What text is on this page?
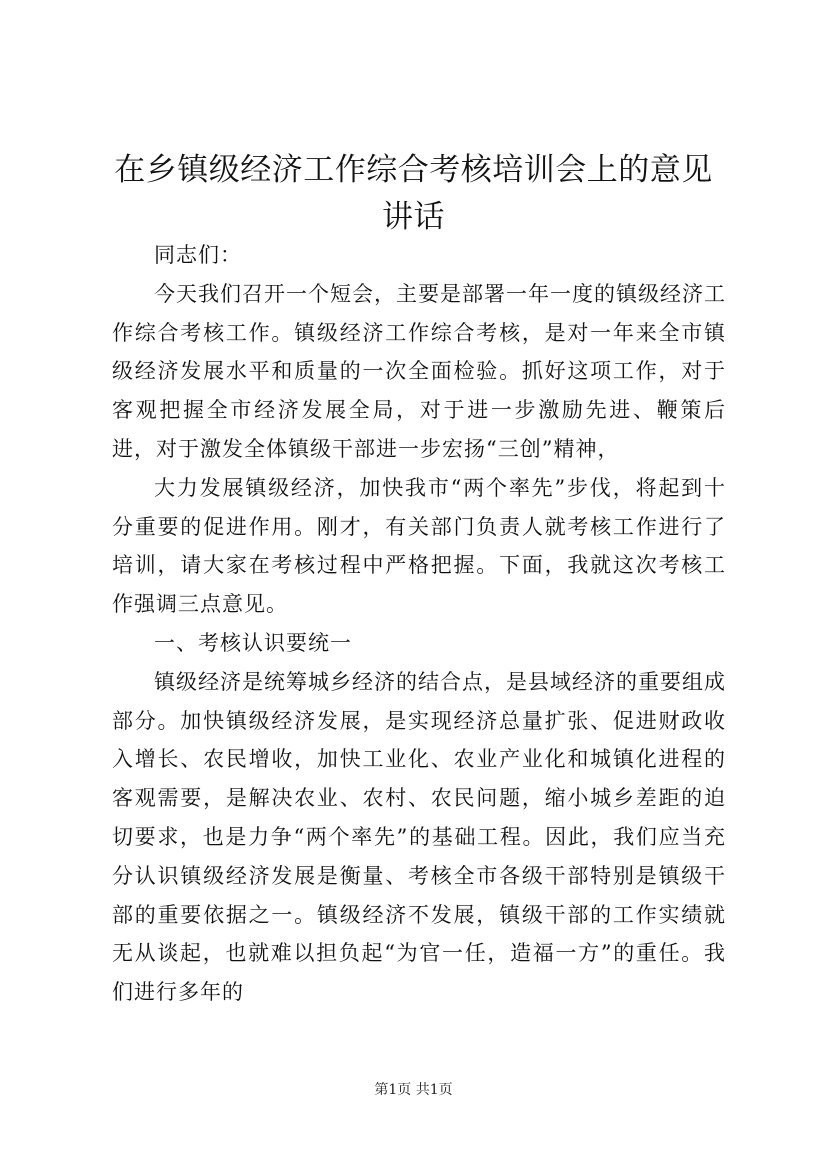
在乡镇级经济工作综合考核培训会上的意见讲话

同志们：

今天我们召开一个短会，主要是部署一年一度的镇级经济工作综合考核工作。镇级经济工作综合考核，是对一年来全市镇级经济发展水平和质量的一次全面检验。抓好这项工作，对于客观把握全市经济发展全局，对于进一步激励先进、鞭策后进，对于激发全体镇级干部进一步宏扬“三创”精神，

大力发展镇级经济，加快我市“两个率先”步伐，将起到十分重要的促进作用。刚才，有关部门负责人就考核工作进行了培训，请大家在考核过程中严格把握。下面，我就这次考核工作强调三点意见。

一、考核认识要统一

镇级经济是统筹城乡经济的结合点，是县域经济的重要组成部分。加快镇级经济发展，是实现经济总量扩张、促进财政收入增长、农民增收，加快工业化、农业产业化和城镇化进程的客观需要，是解决农业、农村、农民问题，缩小城乡差距的迫切要求，也是力争“两个率先”的基础工程。因此，我们应当充分认识镇级经济发展是衡量、考核全市各级干部特别是镇级干部的重要依据之一。镇级经济不发展，镇级干部的工作实绩就无从谈起，也就难以担负起“为官一任，造福一方”的重任。我们进行多年的

第1页 共1页
